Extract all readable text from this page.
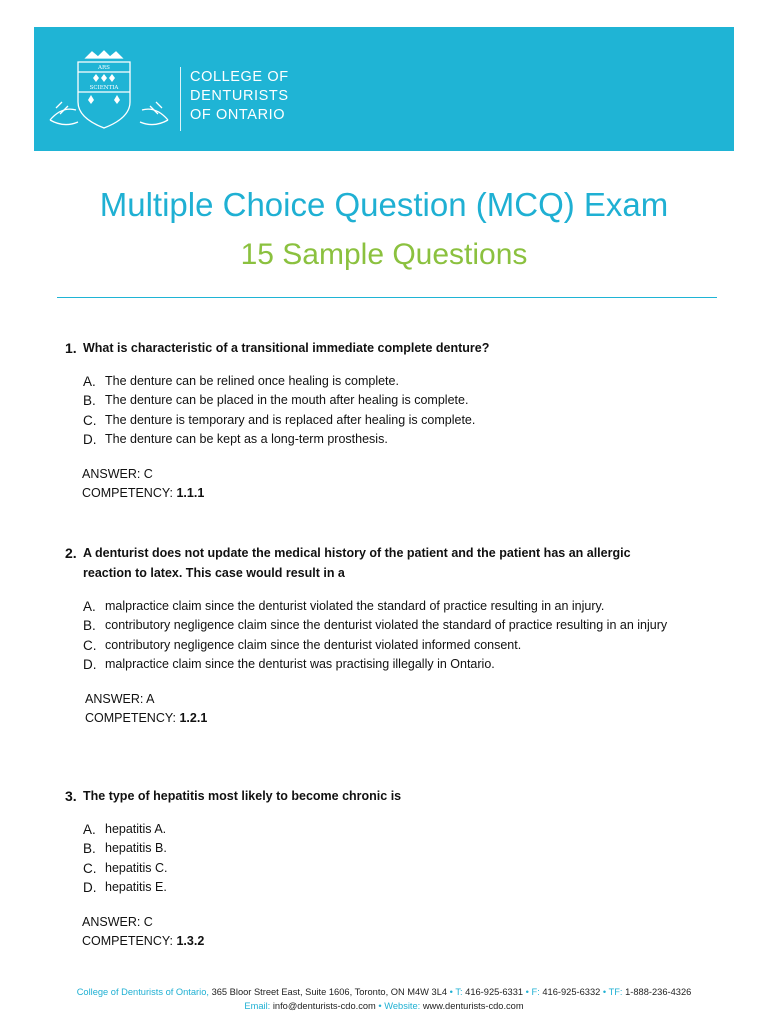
ARS
SCIENTIA
COLLEGE OF
DENTURISTS
OF ONTARIO
Multiple Choice Question (MCQ) Exam
15 Sample Questions
1. What is characteristic of a transitional immediate complete denture?
A. The denture can be relined once healing is complete.
B. The denture can be placed in the mouth after healing is complete.
C. The denture is temporary and is replaced after healing is complete.
D. The denture can be kept as a long-term prosthesis.
ANSWER: C
COMPETENCY: 1.1.1
2. A denturist does not update the medical history of the patient and the patient has an allergic reaction to latex. This case would result in a
A. malpractice claim since the denturist violated the standard of practice resulting in an injury.
B. contributory negligence claim since the denturist violated the standard of practice resulting in an injury
C. contributory negligence claim since the denturist violated informed consent.
D. malpractice claim since the denturist was practising illegally in Ontario.
ANSWER: A
COMPETENCY: 1.2.1
3. The type of hepatitis most likely to become chronic is
A. hepatitis A.
B. hepatitis B.
C. hepatitis C.
D. hepatitis E.
ANSWER: C
COMPETENCY: 1.3.2
College of Denturists of Ontario, 365 Bloor Street East, Suite 1606, Toronto, ON M4W 3L4 • T: 416-925-6331 • F: 416-925-6332 • TF: 1-888-236-4326
Email: info@denturists-cdo.com • Website: www.denturists-cdo.com
